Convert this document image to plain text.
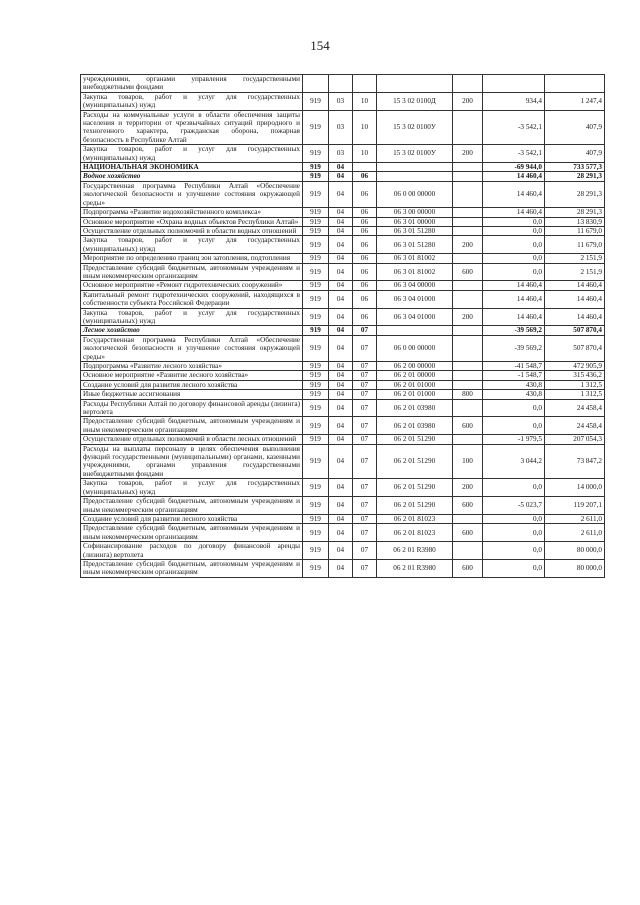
154
учреждениями, органами управления государственными внебюджетными фондами							
Закупка товаров, работ и услуг для государственных (муниципальных) нужд	919	03	10	15 3 02 0100Д	200	934,4	1 247,4
Расходы на коммунальные услуги в области обеспечения защиты населения и территории от чрезвычайных ситуаций природного и техногенного характера, гражданская оборона, пожарная безопасность в Республике Алтай	919	03	10	15 3 02 0100У		-3 542,1	407,9
Закупка товаров, работ и услуг для государственных (муниципальных) нужд	919	03	10	15 3 02 0100У	200	-3 542,1	407,9
НАЦИОНАЛЬНАЯ ЭКОНОМИКА	919	04				-69 944,0	733 577,3
Водное хозяйство	919	04	06			14 460,4	28 291,3
Государственная программа Республики Алтай «Обеспечение экологической безопасности и улучшение состояния окружающей среды»	919	04	06	06 0 00 00000		14 460,4	28 291,3
Подпрограмма «Развитие водохозяйственного комплекса»	919	04	06	06 3 00 00000		14 460,4	28 291,3
Основное мероприятие «Охрана водных объектов Республики Алтай»	919	04	06	06 3 01 00000		0,0	13 830,9
Осуществление отдельных полномочий в области водных отношений	919	04	06	06 3 01 51280		0,0	11 679,0
Закупка товаров, работ и услуг для государственных (муниципальных) нужд	919	04	06	06 3 01 51280	200	0,0	11 679,0
Мероприятие по определению границ зон затопления, подтопления	919	04	06	06 3 01 81002		0,0	2 151,9
Предоставление субсидий бюджетным, автономным учреждениям и иным некоммерческим организациям	919	04	06	06 3 01 81002	600	0,0	2 151,9
Основное мероприятие «Ремонт гидротехнических сооружений»	919	04	06	06 3 04 00000		14 460,4	14 460,4
Капитальный ремонт гидротехнических сооружений, находящихся в собственности субъекта Российской Федерации	919	04	06	06 3 04 01000		14 460,4	14 460,4
Закупка товаров, работ и услуг для государственных (муниципальных) нужд	919	04	06	06 3 04 01000	200	14 460,4	14 460,4
Лесное хозяйство	919	04	07			-39 569,2	507 870,4
Государственная программа Республики Алтай «Обеспечение экологической безопасности и улучшение состояния окружающей среды»	919	04	07	06 0 00 00000		-39 569,2	507 870,4
Подпрограмма «Развитие лесного хозяйства»	919	04	07	06 2 00 00000		-41 548,7	472 905,9
Основное мероприятие «Развитие лесного хозяйства»	919	04	07	06 2 01 00000		-1 548,7	315 436,2
Создание условий для развития лесного хозяйства	919	04	07	06 2 01 01000		430,8	1 312,5
Иные бюджетные ассигнования	919	04	07	06 2 01 01000	800	430,8	1 312,5
Расходы Республики Алтай по договору финансовой аренды (лизинга) вертолета	919	04	07	06 2 01 03980		0,0	24 458,4
Предоставление субсидий бюджетным, автономным учреждениям и иным некоммерческим организациям	919	04	07	06 2 01 03980	600	0,0	24 458,4
Осуществление отдельных полномочий в области лесных отношений	919	04	07	06 2 01 51290		-1 979,5	207 054,3
Расходы на выплаты персоналу в целях обеспечения выполнения функций государственными (муниципальными) органами, казенными учреждениями, органами управления государственными внебюджетными фондами	919	04	07	06 2 01 51290	100	3 044,2	73 847,2
Закупка товаров, работ и услуг для государственных (муниципальных) нужд	919	04	07	06 2 01 51290	200	0,0	14 000,0
Предоставление субсидий бюджетным, автономным учреждениям и иным некоммерческим организациям	919	04	07	06 2 01 51290	600	-5 023,7	119 207,1
Создание условий для развития лесного хозяйства	919	04	07	06 2 01 81023		0,0	2 611,0
Предоставление субсидий бюджетным, автономным учреждениям и иным некоммерческим организациям	919	04	07	06 2 01 81023	600	0,0	2 611,0
Софинансирование расходов по договору финансовой аренды (лизинга) вертолета	919	04	07	06 2 01 R3980		0,0	80 000,0
Предоставление субсидий бюджетным, автономным учреждениям и иным некоммерческим организациям	919	04	07	06 2 01 R3980	600	0,0	80 000,0
